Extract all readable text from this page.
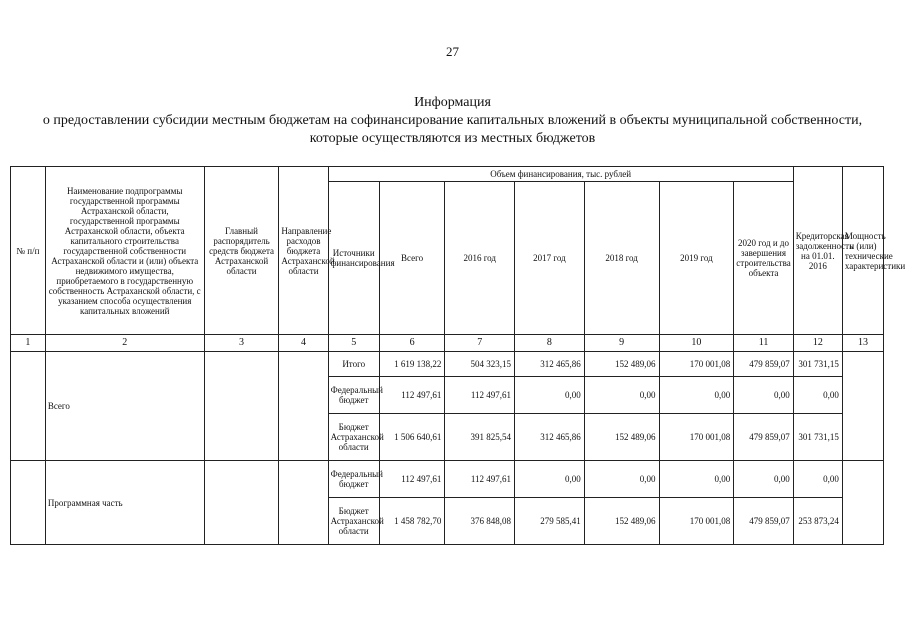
27
Информация
о предоставлении субсидии местным бюджетам на софинансирование капитальных вложений в объекты муниципальной собственности, которые осуществляются из местных бюджетов
№ п/п	Наименование подпрограммы государственной программы Астраханской области, государственной программы Астраханской области, объекта капитального строительства государственной собственности Астраханской области и (или) объекта недвижимого имущества, приобретаемого в государственную собственность Астраханской области, с указанием способа осуществления капитальных вложений	Главный распорядитель средств бюджета Астраханской области	Направление расходов бюджета Астраханской области	Объем финансирования, тыс. рублей							Кредиторская задолженность на 01.01. 2016	Мощность и (или) технические характеристики
				Источники финансирования	Всего	2016 год	2017 год	2018 год	2019 год	2020 год и до завершения строительства объекта		
1	2	3	4	5	6	7	8	9	10	11	12	13
	Всего			Итого	1 619 138,22	504 323,15	312 465,86	152 489,06	170 001,08	479 859,07	301 731,15	
				Федеральный бюджет	112 497,61	112 497,61	0,00	0,00	0,00	0,00	0,00	
				Бюджет Астраханской области	1 506 640,61	391 825,54	312 465,86	152 489,06	170 001,08	479 859,07	301 731,15	
	Программная часть			Федеральный бюджет	112 497,61	112 497,61	0,00	0,00	0,00	0,00	0,00	
				Бюджет Астраханской области	1 458 782,70	376 848,08	279 585,41	152 489,06	170 001,08	479 859,07	253 873,24	
